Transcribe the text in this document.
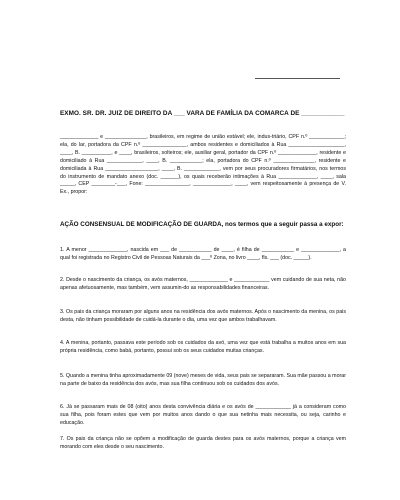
EXMO. SR. DR. JUIZ DE DIREITO DA ___ VARA DE FAMÍLIA DA COMARCA DE ____________
_____________ e ______________, brasileiros, em regime de união estável; ele, indus-triário, CPF n.º ____________; ela, do lar, portadora da CPF n.º _______________, ambos residentes e domiciliados à Rua ___________________, ____, B. __________, e ____, brasileiros, solteiros; ele, auxiliar geral, portador da CPF n.º _____________, residente e domiciliado à Rua ____________, ____, B. ___________; ela, portadora do CPF n.º ______________, residente e domiciliada à Rua __________________, ____, B. ____________, vem por seus procuradores firmatários, nos termos do instrumento de mandato anexo (doc. ______), os quais receberão intimações à Rua _____________, ____, sala _____, CEP ________-___, Fone: _______________, _____________, ____, vem respeitosamente à presença de V. Ex., propor:
AÇÃO CONSENSUAL DE MODIFICAÇÃO DE GUARDA, nos termos que a seguir passa a expor:
1. A menor _____________, nascida em ___ de ___________ de ____, é filha de ___________ e _____________, a qual foi registrada no Registro Civil de Pessoas Naturais da ___º Zona, no livro ____, fls. ___ (doc. _____).
2. Desde o nascimento da criança, os avós maternos, _____________ e ____________ vem cuidando de sua neta, não apenas afetuosamente, mas também, vem assumin-do as responsabilidades financeiras.
3. Os pais da criança moraram por alguns anos na residência dos avós maternos. Após o nascimento da menina, os pais desta, não tinham possibilidade de cuidá-la durante o dia, uma vez que ambos trabalhavam.
4. A menina, portanto, passava este período sob os cuidados da avó, uma vez que está trabalha a muitos anos em sua própria residência, como babá, portanto, possui sob os seus cuidados muitas crianças.
5. Quando a menina tinha aproximadamente 09 (nove) meses de vida, seus pais se separaram. Sua mãe passou a morar na parte de baixo da residência dos avós, mas sua filha continuou sob os cuidados dos avós.
6. Já se passaram mais de 08 (oito) anos desta convivência diária e os avós de ____________ já a consideram como sua filha, pois foram estes que vem por muitos anos dando o que sua netinha mais necessita, ou seja, carinho e educação.
7. Os pais da criança não se opõem a modificação de guarda destes para os avós maternos, porque a criança vem morando com eles desde o seu nascimento.
